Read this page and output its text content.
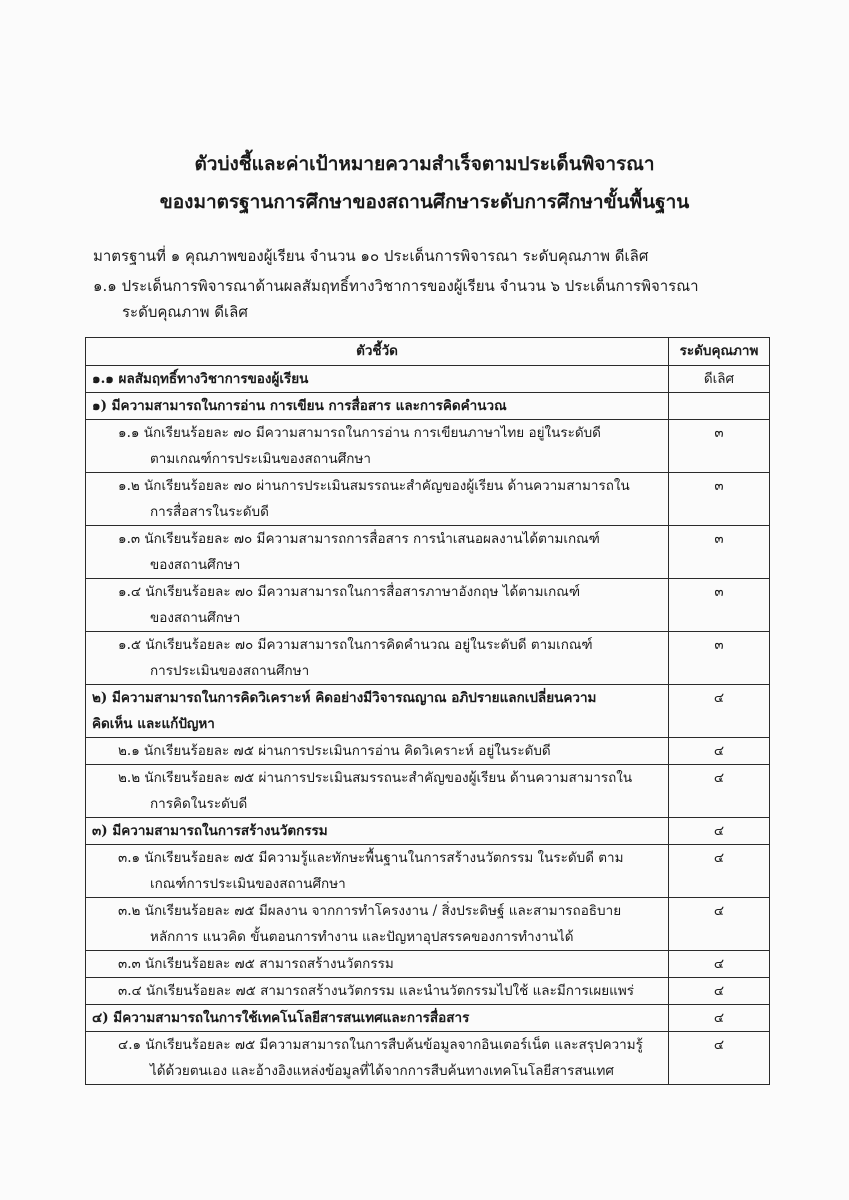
ตัวบ่งชี้และค่าเป้าหมายความสำเร็จตามประเด็นพิจารณา
ของมาตรฐานการศึกษาของสถานศึกษาระดับการศึกษาขั้นพื้นฐาน
มาตรฐานที่ ๑ คุณภาพของผู้เรียน จำนวน ๑๐ ประเด็นการพิจารณา ระดับคุณภาพ ดีเลิศ
๑.๑ ประเด็นการพิจารณาด้านผลสัมฤทธิ์ทางวิชาการของผู้เรียน จำนวน ๖ ประเด็นการพิจารณา
ระดับคุณภาพ ดีเลิศ
ตัวชี้วัด	ระดับคุณภาพ
๑.๑ ผลสัมฤทธิ์ทางวิชาการของผู้เรียน	ดีเลิศ

๑) มีความสามารถในการอ่าน การเขียน การสื่อสาร และการคิดคำนวณ	

๑.๑ นักเรียนร้อยละ ๗๐ มีความสามารถในการอ่าน การเขียนภาษาไทย อยู่ในระดับดี
ตามเกณฑ์การประเมินของสถานศึกษา	๓

๑.๒ นักเรียนร้อยละ ๗๐ ผ่านการประเมินสมรรถนะสำคัญของผู้เรียน ด้านความสามารถใน
การสื่อสารในระดับดี	๓

๑.๓ นักเรียนร้อยละ ๗๐ มีความสามารถการสื่อสาร การนำเสนอผลงานได้ตามเกณฑ์
ของสถานศึกษา	๓

๑.๔ นักเรียนร้อยละ ๗๐ มีความสามารถในการสื่อสารภาษาอังกฤษ ได้ตามเกณฑ์
ของสถานศึกษา	๓

๑.๕ นักเรียนร้อยละ ๗๐ มีความสามารถในการคิดคำนวณ อยู่ในระดับดี ตามเกณฑ์
การประเมินของสถานศึกษา	๓

๒) มีความสามารถในการคิดวิเคราะห์ คิดอย่างมีวิจารณญาณ อภิปรายแลกเปลี่ยนความ
คิดเห็น และแก้ปัญหา	๔

๒.๑ นักเรียนร้อยละ ๗๕ ผ่านการประเมินการอ่าน คิดวิเคราะห์ อยู่ในระดับดี	๔

๒.๒ นักเรียนร้อยละ ๗๕ ผ่านการประเมินสมรรถนะสำคัญของผู้เรียน ด้านความสามารถใน
การคิดในระดับดี	๔

๓) มีความสามารถในการสร้างนวัตกรรม	๔

๓.๑ นักเรียนร้อยละ ๗๕ มีความรู้และทักษะพื้นฐานในการสร้างนวัตกรรม ในระดับดี ตาม
เกณฑ์การประเมินของสถานศึกษา	๔

๓.๒ นักเรียนร้อยละ ๗๕ มีผลงาน จากการทำโครงงาน / สิ่งประดิษฐ์ และสามารถอธิบาย
หลักการ แนวคิด ขั้นตอนการทำงาน และปัญหาอุปสรรคของการทำงานได้	๔

๓.๓ นักเรียนร้อยละ ๗๕ สามารถสร้างนวัตกรรม	๔

๓.๔ นักเรียนร้อยละ ๗๕ สามารถสร้างนวัตกรรม และนำนวัตกรรมไปใช้ และมีการเผยแพร่	๔

๔) มีความสามารถในการใช้เทคโนโลยีสารสนเทศและการสื่อสาร	๔

๔.๑ นักเรียนร้อยละ ๗๕ มีความสามารถในการสืบค้นข้อมูลจากอินเตอร์เน็ต และสรุปความรู้
ได้ด้วยตนเอง และอ้างอิงแหล่งข้อมูลที่ได้จากการสืบค้นทางเทคโนโลยีสารสนเทศ	๔
